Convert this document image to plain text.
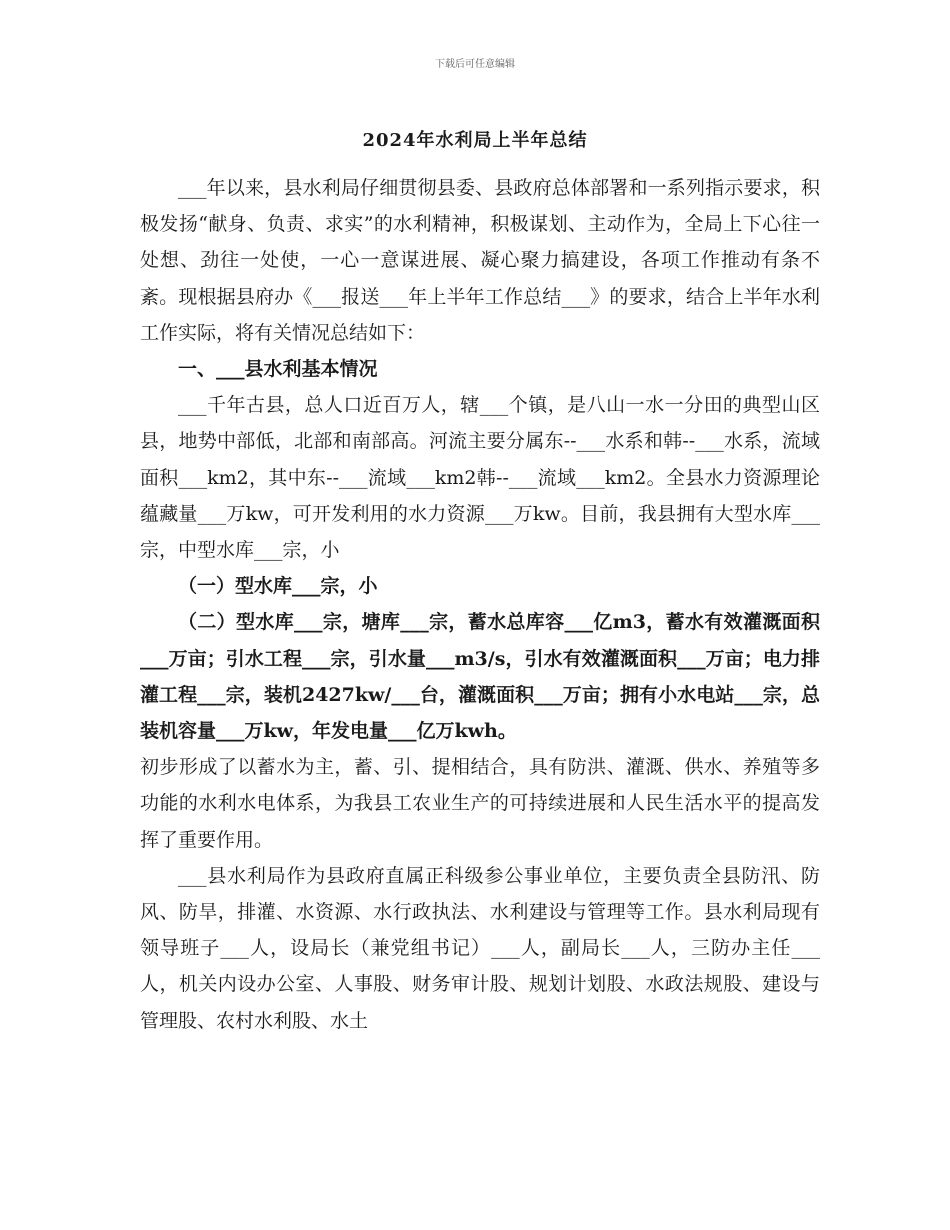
下载后可任意编辑
2024年水利局上半年总结

___年以来，县水利局仔细贯彻县委、县政府总体部署和一系列指示要求，积极发扬“献身、负责、求实”的水利精神，积极谋划、主动作为，全局上下心往一处想、劲往一处使，一心一意谋进展、凝心聚力搞建设，各项工作推动有条不紊。现根据县府办《___报送___年上半年工作总结___》的要求，结合上半年水利工作实际，将有关情况总结如下：

一、___县水利基本情况

___千年古县，总人口近百万人，辖___个镇，是八山一水一分田的典型山区县，地势中部低，北部和南部高。河流主要分属东--___水系和韩--___水系，流域面积___km2，其中东--___流域___km2韩--___流域___km2。全县水力资源理论蕴藏量___万kw，可开发利用的水力资源___万kw。目前，我县拥有大型水库___宗，中型水库___宗，小

（一）型水库___宗，小

（二）型水库___宗，塘库___宗，蓄水总库容___亿m3，蓄水有效灌溉面积___万亩；引水工程___宗，引水量___m3/s，引水有效灌溉面积___万亩；电力排灌工程___宗，装机2427kw/___台，灌溉面积___万亩；拥有小水电站___宗，总装机容量___万kw，年发电量___亿万kwh。

初步形成了以蓄水为主，蓄、引、提相结合，具有防洪、灌溉、供水、养殖等多功能的水利水电体系，为我县工农业生产的可持续进展和人民生活水平的提高发挥了重要作用。

___县水利局作为县政府直属正科级参公事业单位，主要负责全县防汛、防风、防旱，排灌、水资源、水行政执法、水利建设与管理等工作。县水利局现有领导班子___人，设局长（兼党组书记）___人，副局长___人，三防办主任___人，机关内设办公室、人事股、财务审计股、规划计划股、水政法规股、建设与管理股、农村水利股、水土
